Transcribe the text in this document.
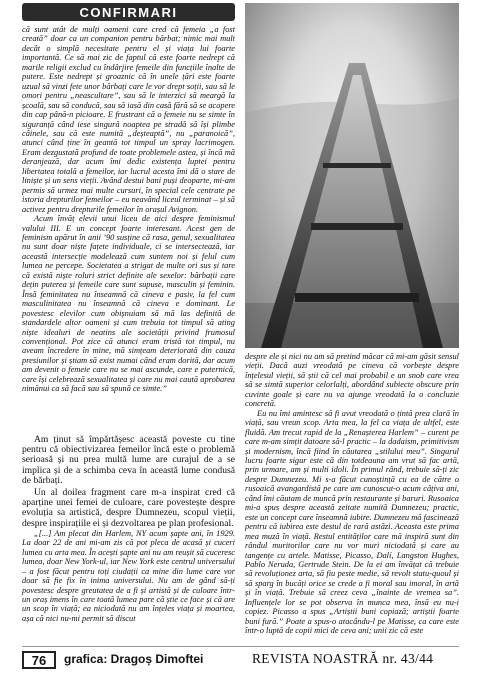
CONFIRMARI

că sunt atât de mulți oameni care cred că femeia „a fost creată” doar ca un companion pentru bărbat; nimic mai mult decât o simplă necesitate pentru el și viața lui foarte importantă. Ce să mai zic de faptul că este foarte nedrept că marile religii exclud cu îndârjire femeile din funcțiile înalte de putere. Este nedrept și groaznic că în unele țări este foarte uzual să vinzi fete unor bărbați care le vor drept soții, sau să le omori pentru „neascultare”, sau să le interzici să meargă la școală, sau să conducă, sau să iasă din casă fără să se acopere din cap până-n picioare. E frustrant că o femeie nu se simte în siguranță când iese singură noaptea pe stradă să își plimbe câinele, sau că este numită „deșteaptă”, nu „paranoică”, atunci când ține în geantă tot timpul un spray lacrimogen. Eram dezgustată profund de toate problemele astea, și încă mă deranjează, dar acum îmi dedic existența luptei pentru libertatea totală a femeilor, iar lucrul acesta îmi dă o stare de liniște și un sens vieții. Având destui bani puși deoparte, mi-am permis să urmez mai multe cursuri, în special cele centrate pe istoria drepturilor femeilor – eu neavând liceul terminat – și să activez pentru drepturile femeilor în orașul Avignon.

Acum învăț elevii unui liceu de aici despre feminismul valului III. E un concept foarte interesant. Acest gen de feminism apărut în anii ’90 susține că rasa, genul, sexualitatea nu sunt doar niște fațete individuale, ci se intersectează, iar această intersecție modelează cum suntem noi și felul cum lumea ne percepe. Societatea a strigat de multe ori sus și tare că există niște roluri strict definite ale sexelor: bărbații care dețin puterea și femeile care sunt supuse, masculin și feminin. Însă feminitatea nu înseamnă că cineva e pasiv, la fel cum masculinitatea nu înseamnă că cineva e dominant. Le povestesc elevilor cum obișnuiam să mă las definită de standardele altor oameni și cum trebuia tot timpul să ating niște idealuri de neatins ale societății privind frumosul convențional. Pot zice că atunci eram tristă tot timpul, nu aveam încredere în mine, mă simțeam deteriorată din cauza presiunilor și știam să exist numai când eram dorită, dar acum am devenit o femeie care nu se mai ascunde, care e puternică, care își celebrează sexualitatea și care nu mai caută aprobarea nimănui ca să facă sau să spună ce simte.”

Am ținut să împărtășesc această poveste cu tine pentru că obiectivizarea femeilor încă este o problemă serioasă și nu prea multă lume are curajul de a se implica și de a schimba ceva în această lume condusă de bărbați.

Un al doilea fragment care m-a inspirat cred că aparține unei femei de culoare, care povestește despre evoluția sa artistică, despre Dumnezeu, scopul vieții, despre inspirațiile ei și dezvoltarea pe plan profesional.

„[...] Am plecat din Harlem, NY acum șapte ani, în 1929. La doar 22 de ani mi-am zis că pot pleca de acasă și cuceri lumea cu arta mea. În acești șapte ani nu am reușit să cuceresc lumea, doar New York-ul, iar New York este centrul universului – a fost făcut pentru toți ciudații ca mine din lume care vor doar să fie fix în inima universului. Nu am de gând să-ți povestesc despre greutatea de a fi și artistă și de culoare într-un oraș imens în care toată lumea pare că știe ce face și că are un scop în viață; ea niciodată nu am înțeles viața și moartea, așa că nici nu-mi permit să discut

despre ele și nici nu am să pretind măcar că mi-am găsit sensul vieții. Dacă auzi vreodată pe cineva că vorbește despre înțelesul vieții, să știi că cel mai probabil e un snob care vrea să se simtă superior celorlalți, abordând subiecte obscure prin cuvinte goale și care nu va ajunge vreodată la o concluzie concretă.

Eu nu îmi amintesc să fi avut vreodată o țintă prea clară în viață, sau vreun scop. Arta mea, la fel ca viața de altfel, este fluidă. Am trecut rapid de la „Renașterea Harlem” – curent pe care m-am simțit datoare să-l practic – la dadaism, primitivism și modernism, încă fiind în căutarea „stilului meu”. Singurul lucru foarte sigur este că din totdeauna am vrut să fac artă, prin urmare, am și multi idoli. În primul rând, trebuie să-ți zic despre Dumnezeu. Mi s-a făcut cunoștință cu ea de către o rusoaică avangardistă pe care am cunoscut-o acum câțiva ani, când îmi căutam de muncă prin restaurante și baruri. Rusoaica mi-a spus despre această zeitate numită Dumnezeu; practic, este un concept care înseamnă iubire. Dumnezeu mă fascinează pentru că iubirea este destul de rară astăzi. Aceasta este prima mea muză în viață. Restul entităților care mă inspiră sunt din rândul muritorilor care nu vor muri niciodată și care au tangențe cu artele. Matisse, Picasso, Dalí, Langston Hughes, Pablo Neruda, Gertrude Stein. De la ei am învățat că trebuie să revoluționez arta, să fiu peste medie, să revolt statu-quoul și să sparg în bucăți orice se crede a fi moral sau imoral, în artă și în viață. Trebuie să creez ceva „înainte de vremea sa”. Influențele lor se pot observa în munca mea, însă eu nu-i copiez. Picasso a spus „Artiștii buni copiază; artiștii foarte buni fură.” Poate a spus-o atacându-l pe Matisse, ca care este într-o luptă de copii mici de ceva ani; unii zic că este

76	grafica: Dragoș Dimoftei	REVISTA NOASTRĂ nr. 43/44
